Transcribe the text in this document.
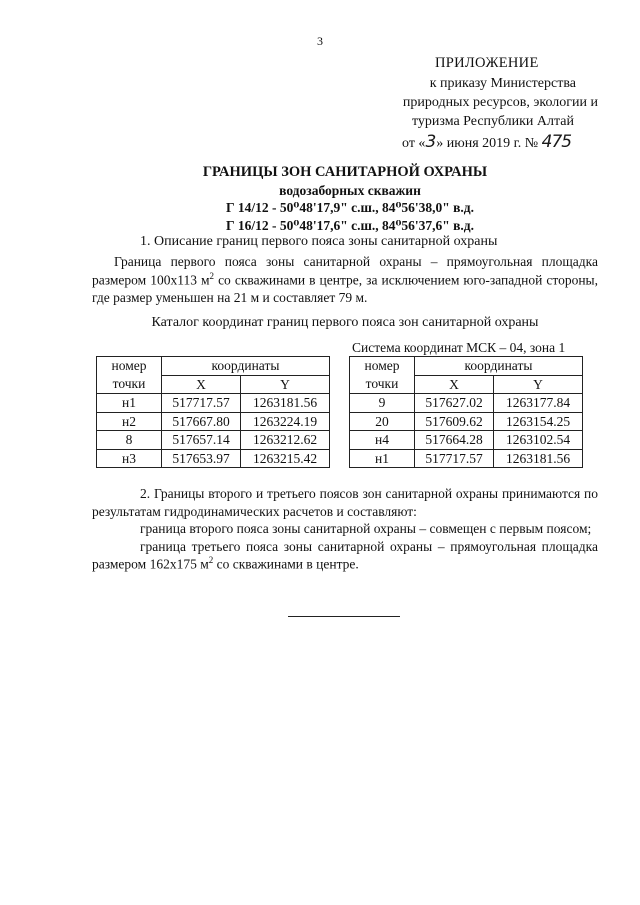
3
ПРИЛОЖЕНИЕ
к приказу Министерства
природных ресурсов, экологии и
туризма Республики Алтай
от «3» июня 2019 г. № 475
ГРАНИЦЫ ЗОН САНИТАРНОЙ ОХРАНЫ
водозаборных скважин
Г 14/12 - 50⁰48'17,9" с.ш., 84⁰56'38,0" в.д.
Г 16/12 - 50⁰48'17,6" с.ш., 84⁰56'37,6" в.д.
1. Описание границ первого пояса зоны санитарной охраны
Граница первого пояса зоны санитарной охраны – прямоугольная площадка размером 100x113 $м^2$ со скважинами в центре, за исключением юго-западной стороны, где размер уменьшен на 21 м и составляет 79 м.
Каталог координат границ первого пояса зон санитарной охраны
Система координат МСК – 04, зона 1
номер	координаты	
точки	X	Y
н1	517717.57	1263181.56
н2	517667.80	1263224.19
8	517657.14	1263212.62
н3	517653.97	1263215.42
номер	координаты	
точки	X	Y
9	517627.02	1263177.84
20	517609.62	1263154.25
н4	517664.28	1263102.54
н1	517717.57	1263181.56
2. Границы второго и третьего поясов зон санитарной охраны принимаются по результатам гидродинамических расчетов и составляют:
граница второго пояса зоны санитарной охраны – совмещен с первым поясом;
граница третьего пояса зоны санитарной охраны – прямоугольная площадка размером 162x175 $м^2$ со скважинами в центре.
